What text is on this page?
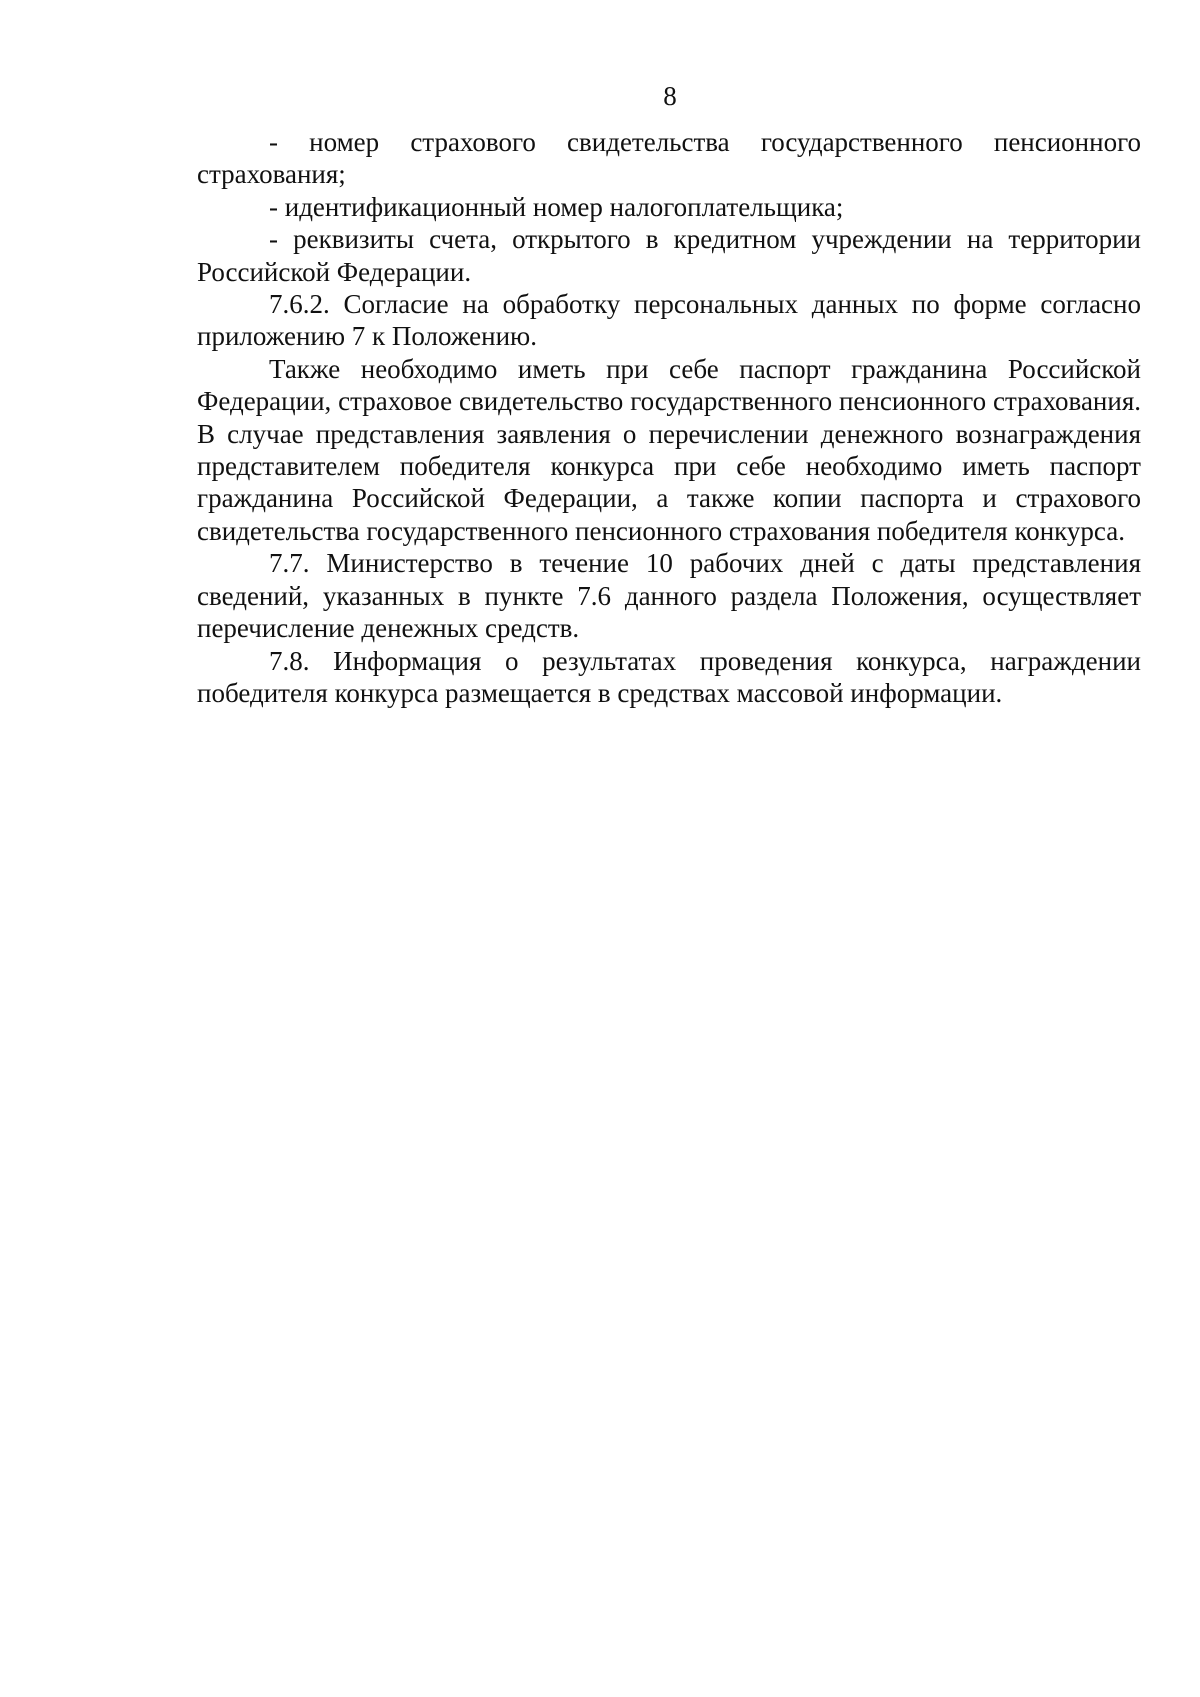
8

- номер страхового свидетельства государственного пенсионного страхования;

- идентификационный номер налогоплательщика;

- реквизиты счета, открытого в кредитном учреждении на территории Российской Федерации.

7.6.2. Согласие на обработку персональных данных по форме согласно приложению 7 к Положению.

Также необходимо иметь при себе паспорт гражданина Российской Федерации, страховое свидетельство государственного пенсионного страхования. В случае представления заявления о перечислении денежного вознаграждения представителем победителя конкурса при себе необходимо иметь паспорт гражданина Российской Федерации, а также копии паспорта и страхового свидетельства государственного пенсионного страхования победителя конкурса.

7.7. Министерство в течение 10 рабочих дней с даты представления сведений, указанных в пункте 7.6 данного раздела Положения, осуществляет перечисление денежных средств.

7.8. Информация о результатах проведения конкурса, награждении победителя конкурса размещается в средствах массовой информации.
